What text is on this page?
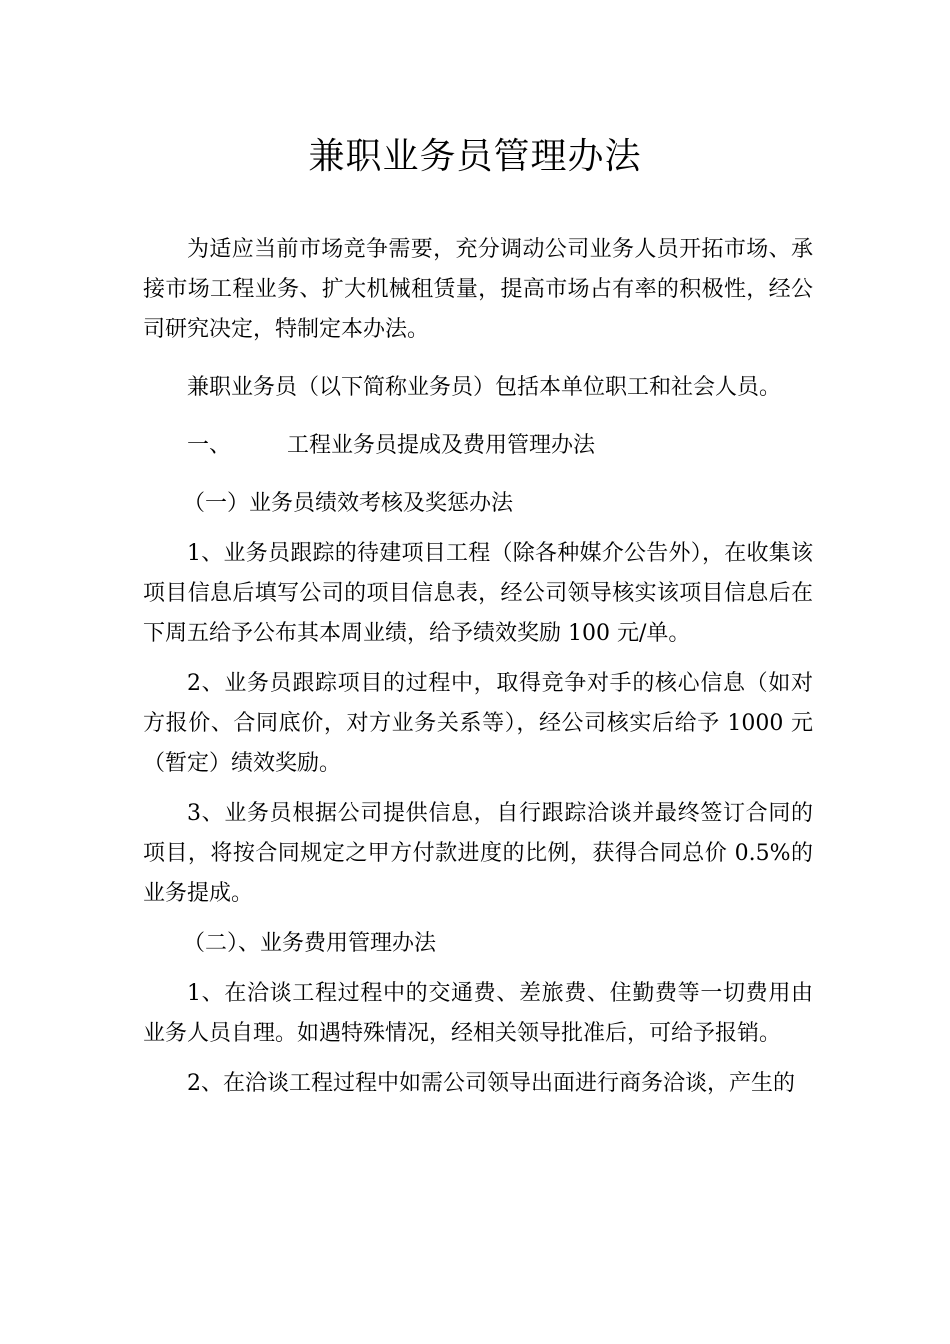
兼职业务员管理办法

为适应当前市场竞争需要，充分调动公司业务人员开拓市场、承接市场工程业务、扩大机械租赁量，提高市场占有率的积极性，经公司研究决定，特制定本办法。

兼职业务员（以下简称业务员）包括本单位职工和社会人员。

一、	工程业务员提成及费用管理办法

（一）业务员绩效考核及奖惩办法

1、业务员跟踪的待建项目工程（除各种媒介公告外），在收集该项目信息后填写公司的项目信息表，经公司领导核实该项目信息后在下周五给予公布其本周业绩，给予绩效奖励 100 元/单。

2、业务员跟踪项目的过程中，取得竞争对手的核心信息（如对方报价、合同底价，对方业务关系等），经公司核实后给予 1000 元（暂定）绩效奖励。

3、业务员根据公司提供信息，自行跟踪洽谈并最终签订合同的项目，将按合同规定之甲方付款进度的比例，获得合同总价 0.5%的业务提成。

（二）、业务费用管理办法

1、在洽谈工程过程中的交通费、差旅费、住勤费等一切费用由业务人员自理。如遇特殊情况，经相关领导批准后，可给予报销。

2、在洽谈工程过程中如需公司领导出面进行商务洽谈，产生的
